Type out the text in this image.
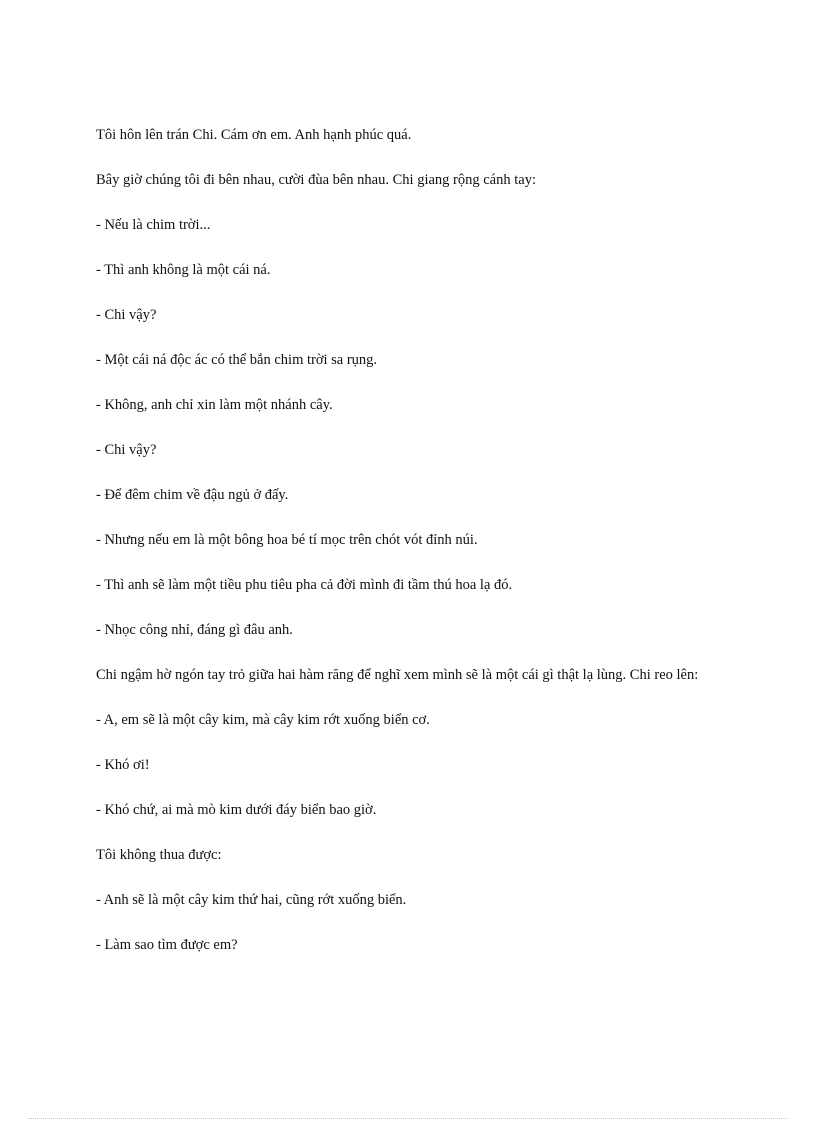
Tôi hôn lên trán Chi. Cám ơn em. Anh hạnh phúc quá.

Bây giờ chúng tôi đi bên nhau, cười đùa bên nhau. Chi giang rộng cánh tay:

- Nếu là chim trời...

- Thì anh không là một cái ná.

- Chi vậy?

- Một cái ná độc ác có thể bắn chim trời sa rụng.

- Không, anh chỉ xin làm một nhánh cây.

- Chi vậy?

- Để đêm chim về đậu ngủ ở đấy.

- Nhưng nếu em là một bông hoa bé tí mọc trên chót vót đỉnh núi.

- Thì anh sẽ làm một tiều phu tiêu pha cả đời mình đi tầm thú hoa lạ đó.

- Nhọc công nhỉ, đáng gì đâu anh.

Chi ngậm hờ ngón tay trỏ giữa hai hàm răng để nghĩ xem mình sẽ là một cái gì thật lạ lùng. Chi reo lên:

- A, em sẽ là một cây kim, mà cây kim rớt xuống biển cơ.

- Khó ơi!

- Khó chứ, ai mà mò kim dưới đáy biển bao giờ.

Tôi không thua được:

- Anh sẽ là một cây kim thứ hai, cũng rớt xuống biển.

- Làm sao tìm được em?
